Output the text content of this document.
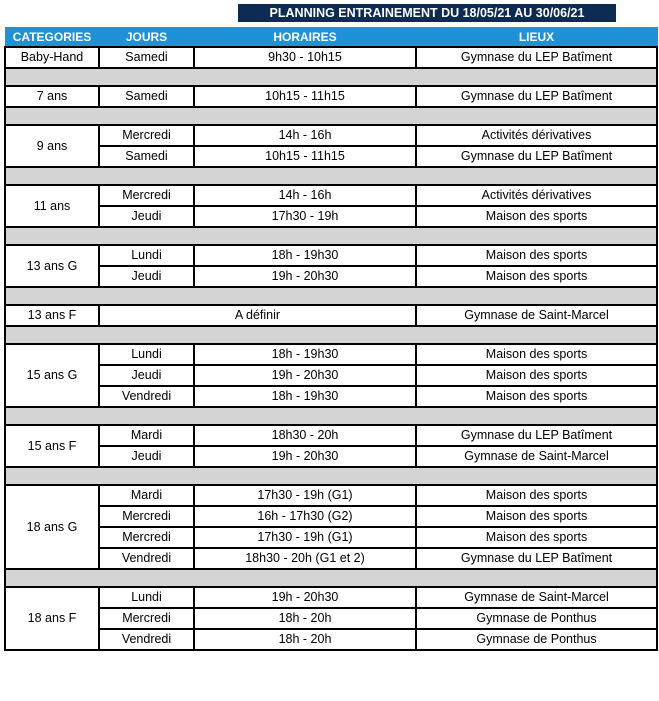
PLANNING ENTRAINEMENT DU 18/05/21 AU 30/06/21
CATEGORIES	JOURS	HORAIRES	LIEUX
Baby-Hand	Samedi	9h30 - 10h15	Gymnase du LEP Batîment

7 ans	Samedi	10h15 - 11h15	Gymnase du LEP Batîment

9 ans	Mercredi	14h - 16h	Activités dérivatives
	Samedi	10h15 - 11h15	Gymnase du LEP Batîment

11 ans	Mercredi	14h - 16h	Activités dérivatives
	Jeudi	17h30 - 19h	Maison des sports

13 ans G	Lundi	18h - 19h30	Maison des sports
	Jeudi	19h - 20h30	Maison des sports

13 ans F	A définir		Gymnase de Saint-Marcel

15 ans G	Lundi	18h - 19h30	Maison des sports
	Jeudi	19h - 20h30	Maison des sports
	Vendredi	18h - 19h30	Maison des sports

15 ans F	Mardi	18h30 - 20h	Gymnase du LEP Batîment
	Jeudi	19h - 20h30	Gymnase de Saint-Marcel

18 ans G	Mardi	17h30 - 19h (G1)	Maison des sports
	Mercredi	16h - 17h30 (G2)	Maison des sports
	Mercredi	17h30 - 19h (G1)	Maison des sports
	Vendredi	18h30 - 20h (G1 et 2)	Gymnase du LEP Batîment

18 ans F	Lundi	19h - 20h30	Gymnase de Saint-Marcel
	Mercredi	18h - 20h	Gymnase de Ponthus
	Vendredi	18h - 20h	Gymnase de Ponthus
